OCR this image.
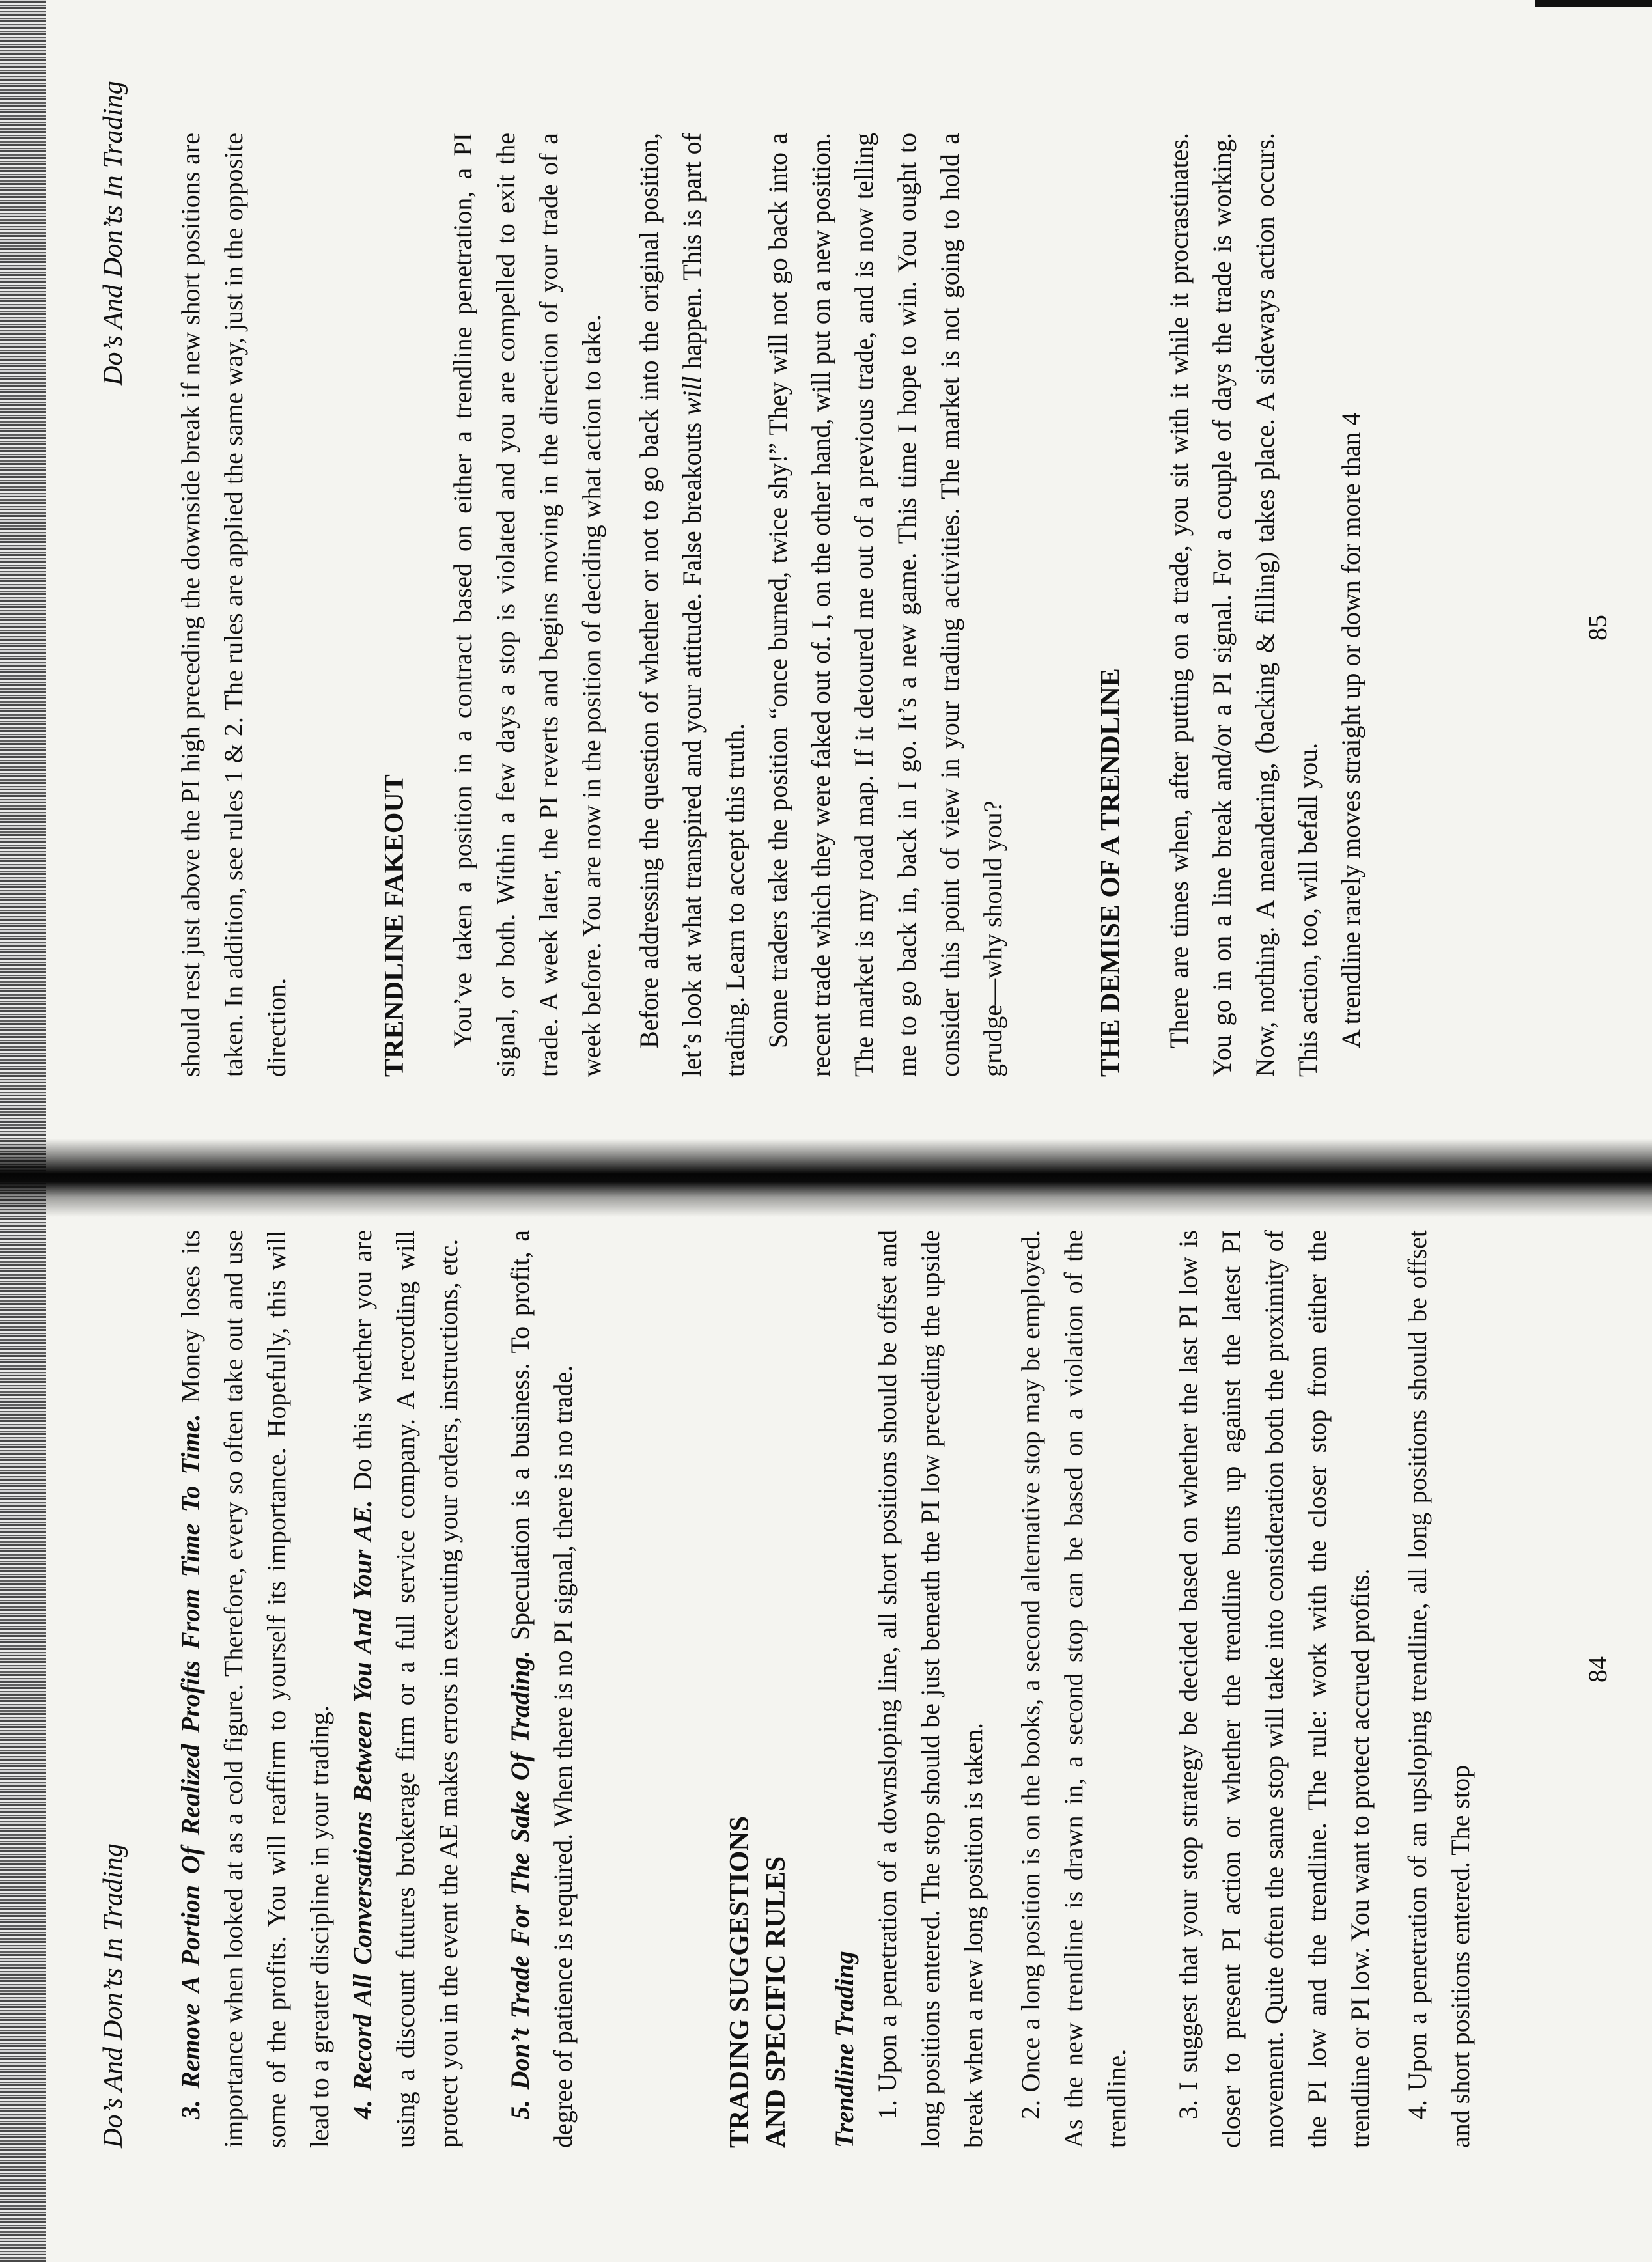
Do’s And Don’ts In Trading 3. Remove A Portion Of Realized Profits From Time To Time. Money loses its importance when looked at as a cold figure. Therefore, every so often take out and use some of the profits. You will reaffirm to yourself its importance. Hopefully, this will lead to a greater discipline in your trading. 4. Record All Conversations Between You And Your AE. Do this whether you are using a discount futures brokerage firm or a full service company. A recording will protect you in the event the AE makes errors in executing your orders, instructions, etc. 5. Don’t Trade For The Sake Of Trading. Speculation is a business. To profit, a degree of patience is required. When there is no PI signal, there is no trade.	TRADING SUGGESTIONS AND SPECIFIC RULES Trendline Trading 1. Upon a penetration of a downsloping line, all short positions should be offset and long positions entered. The stop should be just beneath the PI low preceding the upside break when a new long position is taken. 2. Once a long position is on the books, a second alternative stop may be employed. As the new trendline is drawn in, a second stop can be based on a violation of the trendline. 3. I suggest that your stop strategy be decided based on whether the last PI low is closer to present PI action or whether the trendline butts up against the latest PI movement. Quite often the same stop will take into consideration both the proximity of the PI low and the trendline. The rule: work with the closer stop from either the trendline or PI low. You want to protect accrued profits. 4. Upon a penetration of an upsloping trendline, all long positions should be offset and short positions entered. The stop

84
Do’s And Don’ts In Trading should rest just above the PI high preceding the downside break if new short positions are taken. In addition, see rules 1 & 2. The rules are applied the same way, just in the opposite direction.	TRENDLINE FAKEOUT You’ve taken a position in a contract based on either a trendline penetration, a PI signal, or both. Within a few days a stop is violated and you are compelled to exit the trade. A week later, the PI reverts and begins moving in the direction of your trade of a week before. You are now in the position of deciding what action to take. Before addressing the question of whether or not to go back into the original position, let’s look at what transpired and your attitude. False breakouts will happen. This is part of trading. Learn to accept this truth. Some traders take the position “once burned, twice shy!” They will not go back into a recent trade which they were faked out of. I, on the other hand, will put on a new position. The market is my road map. If it detoured me out of a previous trade, and is now telling me to go back in, back in I go. It’s a new game. This time I hope to win. You ought to consider this point of view in your trading activities. The market is not going to hold a grudge—why should you?	THE DEMISE OF A TRENDLINE There are times when, after putting on a trade, you sit with it while it procrastinates. You go in on a line break and/or a PI signal. For a couple of days the trade is working. Now, nothing. A meandering, (backing & filling) takes place. A sideways action occurs. This action, too, will befall you. A trendline rarely moves straight up or down for more than 4	85
